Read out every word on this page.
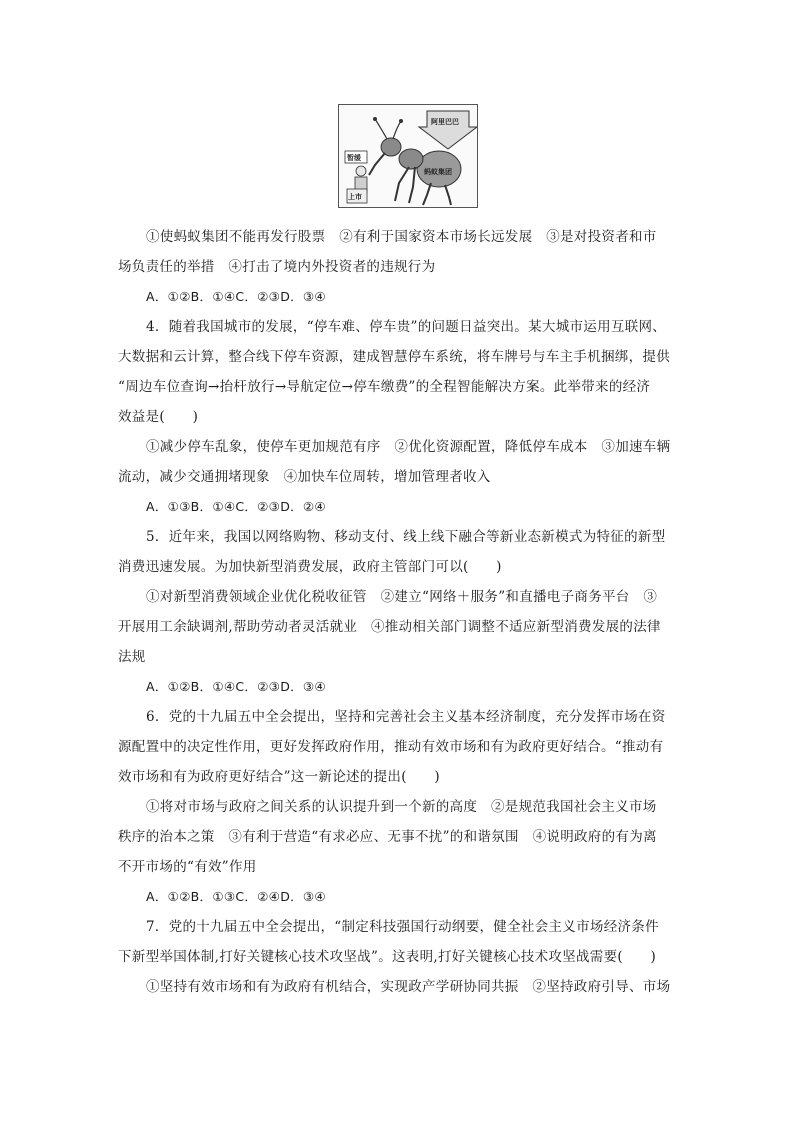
阿里巴巴
暂缓
上市
蚂蚁集团
①使蚂蚁集团不能再发行股票　②有利于国家资本市场长远发展　③是对投资者和市
场负责任的举措　④打击了境内外投资者的违规行为
A．①②B．①④C．②③D．③④
4．随着我国城市的发展，“停车难、停车贵”的问题日益突出。某大城市运用互联网、
大数据和云计算，整合线下停车资源，建成智慧停车系统，将车牌号与车主手机捆绑，提供
“周边车位查询→抬杆放行→导航定位→停车缴费”的全程智能解决方案。此举带来的经济
效益是(　　)
①减少停车乱象，使停车更加规范有序　②优化资源配置，降低停车成本　③加速车辆
流动，减少交通拥堵现象　④加快车位周转，增加管理者收入
A．①③B．①④C．②③D．②④
5．近年来，我国以网络购物、移动支付、线上线下融合等新业态新模式为特征的新型
消费迅速发展。为加快新型消费发展，政府主管部门可以(　　)
①对新型消费领域企业优化税收征管　②建立“网络＋服务”和直播电子商务平台　③
开展用工余缺调剂,帮助劳动者灵活就业　④推动相关部门调整不适应新型消费发展的法律
法规
A．①②B．①④C．②③D．③④
6．党的十九届五中全会提出，坚持和完善社会主义基本经济制度，充分发挥市场在资
源配置中的决定性作用，更好发挥政府作用，推动有效市场和有为政府更好结合。“推动有
效市场和有为政府更好结合”这一新论述的提出(　　)
①将对市场与政府之间关系的认识提升到一个新的高度　②是规范我国社会主义市场
秩序的治本之策　③有利于营造“有求必应、无事不扰”的和谐氛围　④说明政府的有为离
不开市场的“有效”作用
A．①②B．①③C．②④D．③④
7．党的十九届五中全会提出，“制定科技强国行动纲要，健全社会主义市场经济条件
下新型举国体制,打好关键核心技术攻坚战”。这表明,打好关键核心技术攻坚战需要(　　)
①坚持有效市场和有为政府有机结合，实现政产学研协同共振　②坚持政府引导、市场
